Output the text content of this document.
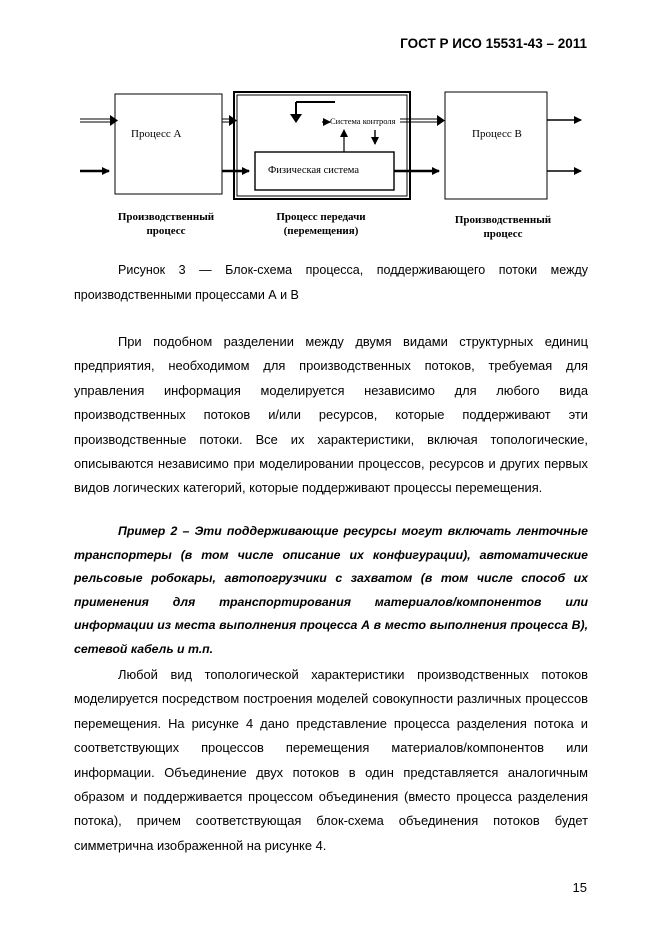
ГОСТ Р ИСО 15531-43 – 2011
Процесс А
Система контроля
Физическая система
Процесс В
Производственный процесс
Процесс передачи (перемещения)
Производственный процесс
Рисунок 3 — Блок-схема процесса, поддерживающего потоки между производственными процессами А и В
При подобном разделении между двумя видами структурных единиц предприятия, необходимом для производственных потоков, требуемая для управления информация моделируется независимо для любого вида производственных потоков и/или ресурсов, которые поддерживают эти производственные потоки. Все их характеристики, включая топологические, описываются независимо при моделировании процессов, ресурсов и других первых видов логических категорий, которые поддерживают процессы перемещения.
Пример 2 – Эти поддерживающие ресурсы могут включать ленточные транспортеры (в том числе описание их конфигурации), автоматические рельсовые робокары, автопогрузчики с захватом (в том числе способ их применения для транспортирования материалов/компонентов или информации из места выполнения процесса А в место выполнения процесса В), сетевой кабель и т.п.
Любой вид топологической характеристики производственных потоков моделируется посредством построения моделей совокупности различных процессов перемещения. На рисунке 4 дано представление процесса разделения потока и соответствующих процессов перемещения материалов/компонентов или информации. Объединение двух потоков в один представляется аналогичным образом и поддерживается процессом объединения (вместо процесса разделения потока), причем соответствующая блок-схема объединения потоков будет симметрична изображенной на рисунке 4.
15
